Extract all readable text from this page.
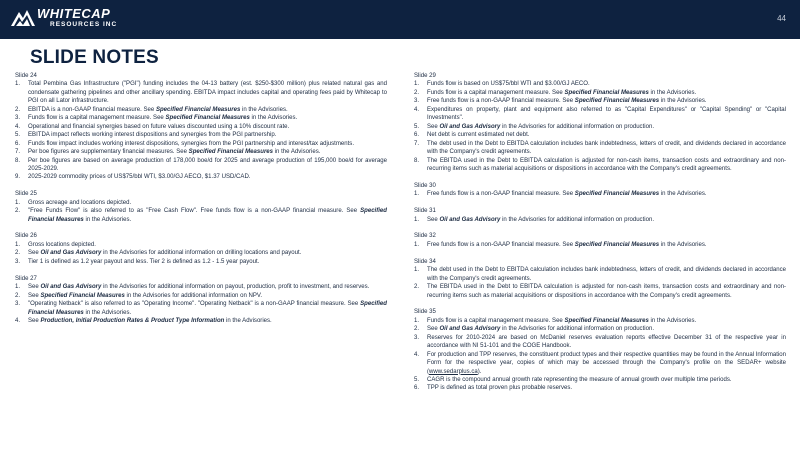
WHITECAP
RESOURCES INC
44
SLIDE NOTES
Slide 24
Total Pembina Gas Infrastructure ("PGI") funding includes the 04-13 battery (est. $250-$300 million) plus related natural gas and condensate gathering pipelines and other ancillary spending. EBITDA impact includes capital and operating fees paid by Whitecap to PGI on all Lator infrastructure.
EBITDA is a non-GAAP financial measure. See Specified Financial Measures in the Advisories.
Funds flow is a capital management measure. See Specified Financial Measures in the Advisories.
Operational and financial synergies based on future values discounted using a 10% discount rate.
EBITDA impact reflects working interest dispositions and synergies from the PGI partnership.
Funds flow impact includes working interest dispositions, synergies from the PGI partnership and interest/tax adjustments.
Per boe figures are supplementary financial measures. See Specified Financial Measures in the Advisories.
Per boe figures are based on average production of 178,000 boe/d for 2025 and average production of 195,000 boe/d for average 2025-2029.
2025-2029 commodity prices of US$75/bbl WTI, $3.00/GJ AECO, $1.37 USD/CAD.
Slide 25
Gross acreage and locations depicted.
"Free Funds Flow" is also referred to as "Free Cash Flow". Free funds flow is a non-GAAP financial measure. See Specified Financial Measures in the Advisories.
Slide 26
Gross locations depicted.
See Oil and Gas Advisory in the Advisories for additional information on drilling locations and payout.
Tier 1 is defined as 1.2 year payout and less. Tier 2 is defined as 1.2 - 1.5 year payout.
Slide 27
See Oil and Gas Advisory in the Advisories for additional information on payout, production, profit to investment, and reserves.
See Specified Financial Measures in the Advisories for additional information on NPV.
"Operating Netback" is also referred to as "Operating Income". "Operating Netback" is a non-GAAP financial measure. See Specified Financial Measures in the Advisories.
See Production, Initial Production Rates & Product Type Information in the Advisories.
Slide 29
Funds flow is based on US$75/bbl WTI and $3.00/GJ AECO.
Funds flow is a capital management measure. See Specified Financial Measures in the Advisories.
Free funds flow is a non-GAAP financial measure. See Specified Financial Measures in the Advisories.
Expenditures on property, plant and equipment also referred to as "Capital Expenditures" or "Capital Spending" or "Capital Investments".
See Oil and Gas Advisory in the Advisories for additional information on production.
Net debt is current estimated net debt.
The debt used in the Debt to EBITDA calculation includes bank indebtedness, letters of credit, and dividends declared in accordance with the Company's credit agreements.
The EBITDA used in the Debt to EBITDA calculation is adjusted for non-cash items, transaction costs and extraordinary and non-recurring items such as material acquisitions or dispositions in accordance with the Company's credit agreements.
Slide 30
Free funds flow is a non-GAAP financial measure. See Specified Financial Measures in the Advisories.
Slide 31
See Oil and Gas Advisory in the Advisories for additional information on production.
Slide 32
Free funds flow is a non-GAAP financial measure. See Specified Financial Measures in the Advisories.
Slide 34
The debt used in the Debt to EBITDA calculation includes bank indebtedness, letters of credit, and dividends declared in accordance with the Company's credit agreements.
The EBITDA used in the Debt to EBITDA calculation is adjusted for non-cash items, transaction costs and extraordinary and non-recurring items such as material acquisitions or dispositions in accordance with the Company's credit agreements.
Slide 35
Funds flow is a capital management measure. See Specified Financial Measures in the Advisories.
See Oil and Gas Advisory in the Advisories for additional information on production.
Reserves for 2010-2024 are based on McDaniel reserves evaluation reports effective December 31 of the respective year in accordance with NI 51-101 and the COGE Handbook.
For production and TPP reserves, the constituent product types and their respective quantities may be found in the Annual Information Form for the respective year, copies of which may be accessed through the Company's profile on the SEDAR+ website (www.sedarplus.ca).
CAGR is the compound annual growth rate representing the measure of annual growth over multiple time periods.
TPP is defined as total proven plus probable reserves.
